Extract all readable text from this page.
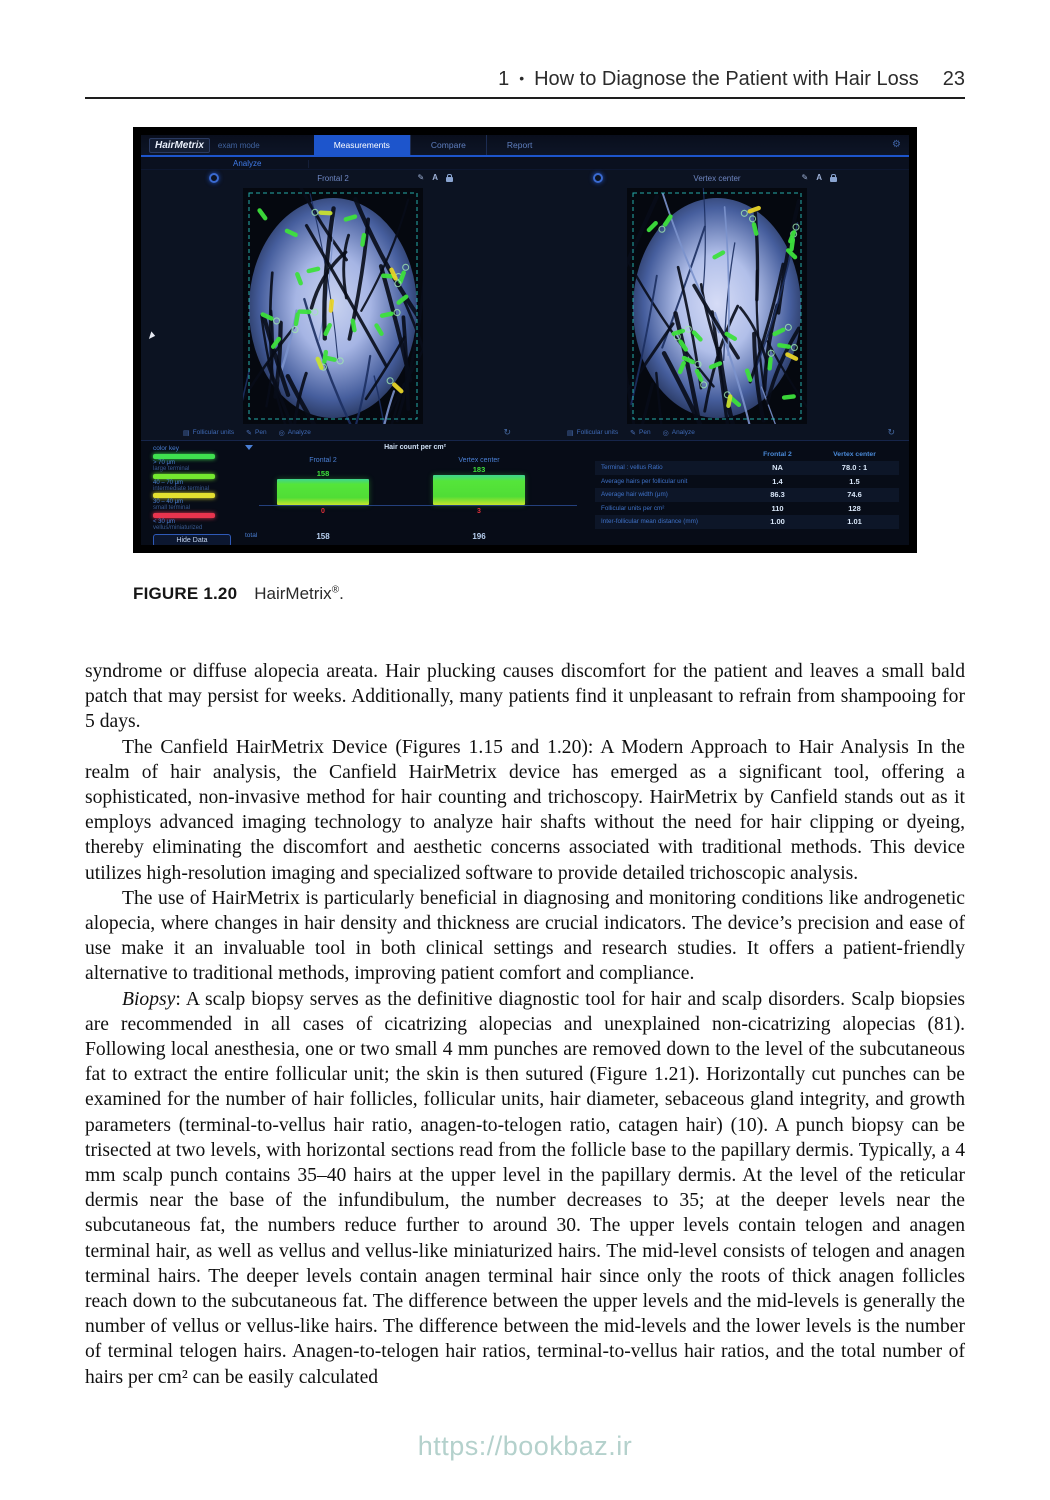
1 • How to Diagnose the Patient with Hair Loss 23
HairMetrix	exam mode	Measurements	Compare	Report	⚙
Analyze	|
Frontal 2	✎ A
▤ Follicular units ✎ Pen ◎ Analyze	↻
Vertex center	✎ A
▤ Follicular units ✎ Pen ◎ Analyze	↻
color key
> 70 μm
large terminal
40 – 70 μm
intermediate terminal
30 – 40 μm
small terminal
< 30 μm
vellus/miniaturized
Hide Data
Hair count per cm²
Frontal 2	Vertex center
158	183
0	3
total	158	196
Frontal 2	Vertex center
Terminal : vellus Ratio	NA	78.0 : 1
Average hairs per follicular unit	1.4	1.5
Average hair width (μm)	86.3	74.6
Follicular units per cm²	110	128
Inter-follicular mean distance (mm)	1.00	1.01
FIGURE 1.20 HairMetrix®.

syndrome or diffuse alopecia areata. Hair plucking causes discomfort for the patient and leaves a small bald patch that may persist for weeks. Additionally, many patients find it unpleasant to refrain from shampooing for 5 days.

The Canfield HairMetrix Device (Figures 1.15 and 1.20): A Modern Approach to Hair Analysis In the realm of hair analysis, the Canfield HairMetrix device has emerged as a significant tool, offering a sophisticated, non-invasive method for hair counting and trichoscopy. HairMetrix by Canfield stands out as it employs advanced imaging technology to analyze hair shafts without the need for hair clipping or dyeing, thereby eliminating the discomfort and aesthetic concerns associated with traditional methods. This device utilizes high-resolution imaging and specialized software to provide detailed trichoscopic analysis.

The use of HairMetrix is particularly beneficial in diagnosing and monitoring conditions like androgenetic alopecia, where changes in hair density and thickness are crucial indicators. The device’s precision and ease of use make it an invaluable tool in both clinical settings and research studies. It offers a patient-friendly alternative to traditional methods, improving patient comfort and compliance.

Biopsy: A scalp biopsy serves as the definitive diagnostic tool for hair and scalp disorders. Scalp biopsies are recommended in all cases of cicatrizing alopecias and unexplained non-cicatrizing alopecias (81). Following local anesthesia, one or two small 4 mm punches are removed down to the level of the subcutaneous fat to extract the entire follicular unit; the skin is then sutured (Figure 1.21). Horizontally cut punches can be examined for the number of hair follicles, follicular units, hair diameter, sebaceous gland integrity, and growth parameters (terminal-to-vellus hair ratio, anagen-to-telogen ratio, catagen hair) (10). A punch biopsy can be trisected at two levels, with horizontal sections read from the follicle base to the papillary dermis. Typically, a 4 mm scalp punch contains 35–40 hairs at the upper level in the papillary dermis. At the level of the reticular dermis near the base of the infundibulum, the number decreases to 35; at the deeper levels near the subcutaneous fat, the numbers reduce further to around 30. The upper levels contain telogen and anagen terminal hair, as well as vellus and vellus-like miniaturized hairs. The mid-level consists of telogen and anagen terminal hairs. The deeper levels contain anagen terminal hair since only the roots of thick anagen follicles reach down to the subcutaneous fat. The difference between the upper levels and the mid-levels is generally the number of vellus or vellus-like hairs. The difference between the mid-levels and the lower levels is the number of terminal telogen hairs. Anagen-to-telogen hair ratios, terminal-to-vellus hair ratios, and the total number of hairs per cm² can be easily calculated

https://bookbaz.ir
